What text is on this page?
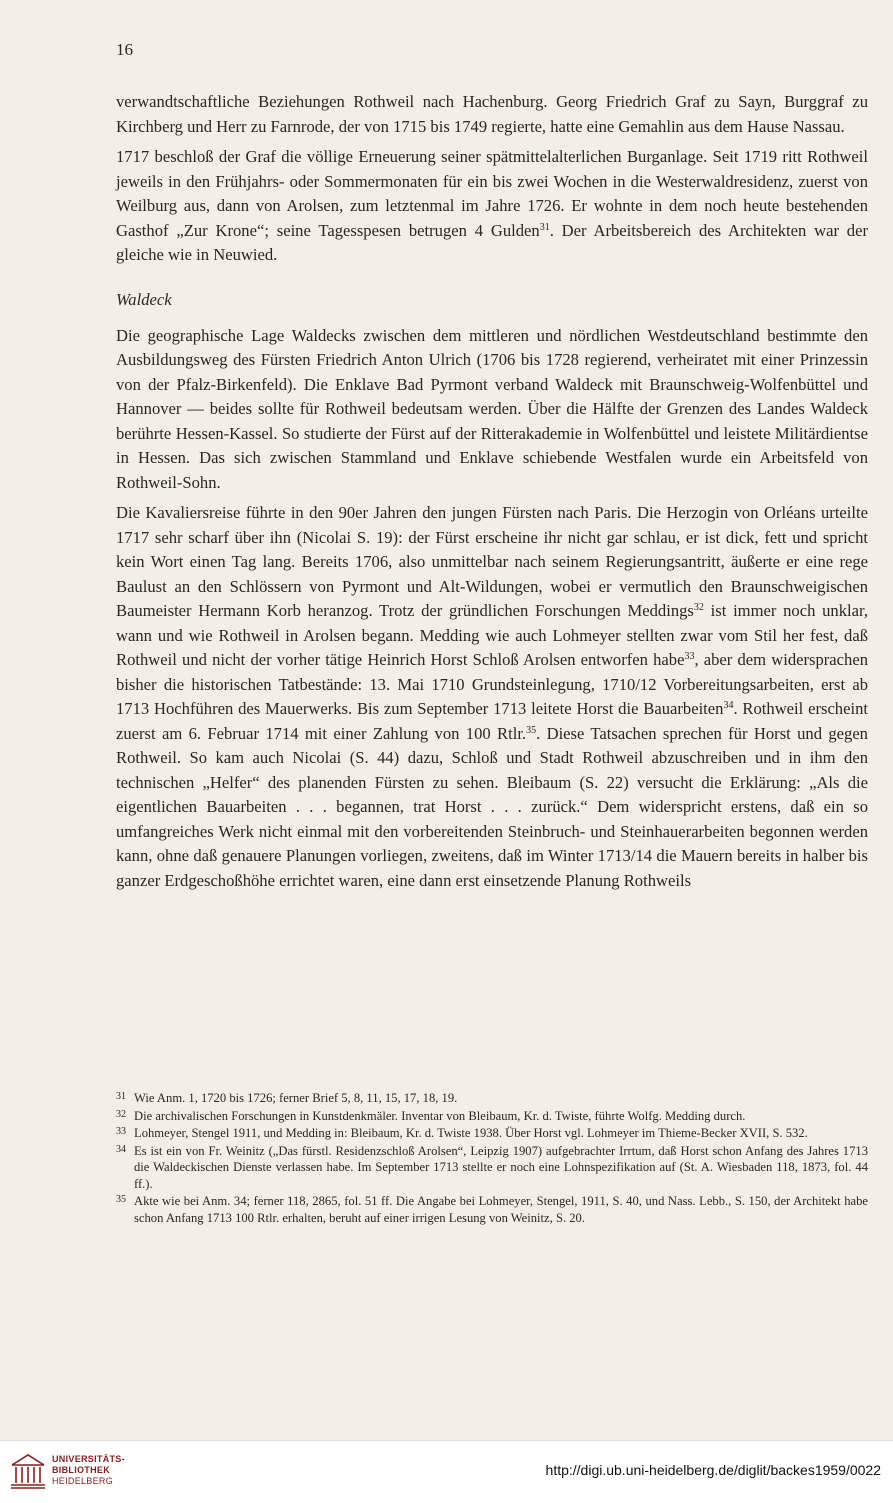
16

verwandtschaftliche Beziehungen Rothweil nach Hachenburg. Georg Friedrich Graf zu Sayn, Burggraf zu Kirchberg und Herr zu Farnrode, der von 1715 bis 1749 regierte, hatte eine Gemahlin aus dem Hause Nassau.

1717 beschloß der Graf die völlige Erneuerung seiner spätmittelalterlichen Burganlage. Seit 1719 ritt Rothweil jeweils in den Frühjahrs- oder Sommermonaten für ein bis zwei Wochen in die Westerwaldresidenz, zuerst von Weilburg aus, dann von Arolsen, zum letztenmal im Jahre 1726. Er wohnte in dem noch heute bestehenden Gasthof „Zur Krone“; seine Tagesspesen betrugen 4 Gulden$^{31}$. Der Arbeitsbereich des Architekten war der gleiche wie in Neuwied.

Waldeck

Die geographische Lage Waldecks zwischen dem mittleren und nördlichen Westdeutschland bestimmte den Ausbildungsweg des Fürsten Friedrich Anton Ulrich (1706 bis 1728 regierend, verheiratet mit einer Prinzessin von der Pfalz-Birkenfeld). Die Enklave Bad Pyrmont verband Waldeck mit Braunschweig-Wolfenbüttel und Hannover — beides sollte für Rothweil bedeutsam werden. Über die Hälfte der Grenzen des Landes Waldeck berührte Hessen-Kassel. So studierte der Fürst auf der Ritterakademie in Wolfenbüttel und leistete Militärdientse in Hessen. Das sich zwischen Stammland und Enklave schiebende Westfalen wurde ein Arbeitsfeld von Rothweil-Sohn.

Die Kavaliersreise führte in den 90er Jahren den jungen Fürsten nach Paris. Die Herzogin von Orléans urteilte 1717 sehr scharf über ihn (Nicolai S. 19): der Fürst erscheine ihr nicht gar schlau, er ist dick, fett und spricht kein Wort einen Tag lang. Bereits 1706, also unmittelbar nach seinem Regierungsantritt, äußerte er eine rege Baulust an den Schlössern von Pyrmont und Alt-Wildungen, wobei er vermutlich den Braunschweigischen Baumeister Hermann Korb heranzog. Trotz der gründlichen Forschungen Meddings$^{32}$ ist immer noch unklar, wann und wie Rothweil in Arolsen begann. Medding wie auch Lohmeyer stellten zwar vom Stil her fest, daß Rothweil und nicht der vorher tätige Heinrich Horst Schloß Arolsen entworfen habe$^{33}$, aber dem widersprachen bisher die historischen Tatbestände: 13. Mai 1710 Grundsteinlegung, 1710/12 Vorbereitungsarbeiten, erst ab 1713 Hochführen des Mauerwerks. Bis zum September 1713 leitete Horst die Bauarbeiten$^{34}$. Rothweil erscheint zuerst am 6. Februar 1714 mit einer Zahlung von 100 Rtlr.$^{35}$. Diese Tatsachen sprechen für Horst und gegen Rothweil. So kam auch Nicolai (S. 44) dazu, Schloß und Stadt Rothweil abzuschreiben und in ihm den technischen „Helfer“ des planenden Fürsten zu sehen. Bleibaum (S. 22) versucht die Erklärung: „Als die eigentlichen Bauarbeiten . . . begannen, trat Horst . . . zurück.“ Dem widerspricht erstens, daß ein so umfangreiches Werk nicht einmal mit den vorbereitenden Steinbruch- und Steinhauerarbeiten begonnen werden kann, ohne daß genauere Planungen vorliegen, zweitens, daß im Winter 1713/14 die Mauern bereits in halber bis ganzer Erdgeschoßhöhe errichtet waren, eine dann erst einsetzende Planung Rothweils

31 Wie Anm. 1, 1720 bis 1726; ferner Brief 5, 8, 11, 15, 17, 18, 19.
32 Die archivalischen Forschungen in Kunstdenkmäler. Inventar von Bleibaum, Kr. d. Twiste, führte Wolfg. Medding durch.
33 Lohmeyer, Stengel 1911, und Medding in: Bleibaum, Kr. d. Twiste 1938. Über Horst vgl. Lohmeyer im Thieme-Becker XVII, S. 532.
34 Es ist ein von Fr. Weinitz („Das fürstl. Residenzschloß Arolsen“, Leipzig 1907) aufgebrachter Irrtum, daß Horst schon Anfang des Jahres 1713 die Waldeckischen Dienste verlassen habe. Im September 1713 stellte er noch eine Lohnspezifikation auf (St. A. Wiesbaden 118, 1873, fol. 44 ff.).
35 Akte wie bei Anm. 34; ferner 118, 2865, fol. 51 ff. Die Angabe bei Lohmeyer, Stengel, 1911, S. 40, und Nass. Lebb., S. 150, der Architekt habe schon Anfang 1713 100 Rtlr. erhalten, beruht auf einer irrigen Lesung von Weinitz, S. 20.
UNIVERSITÄTS-
BIBLIOTHEK
HEIDELBERG
http://digi.ub.uni-heidelberg.de/diglit/backes1959/0022
